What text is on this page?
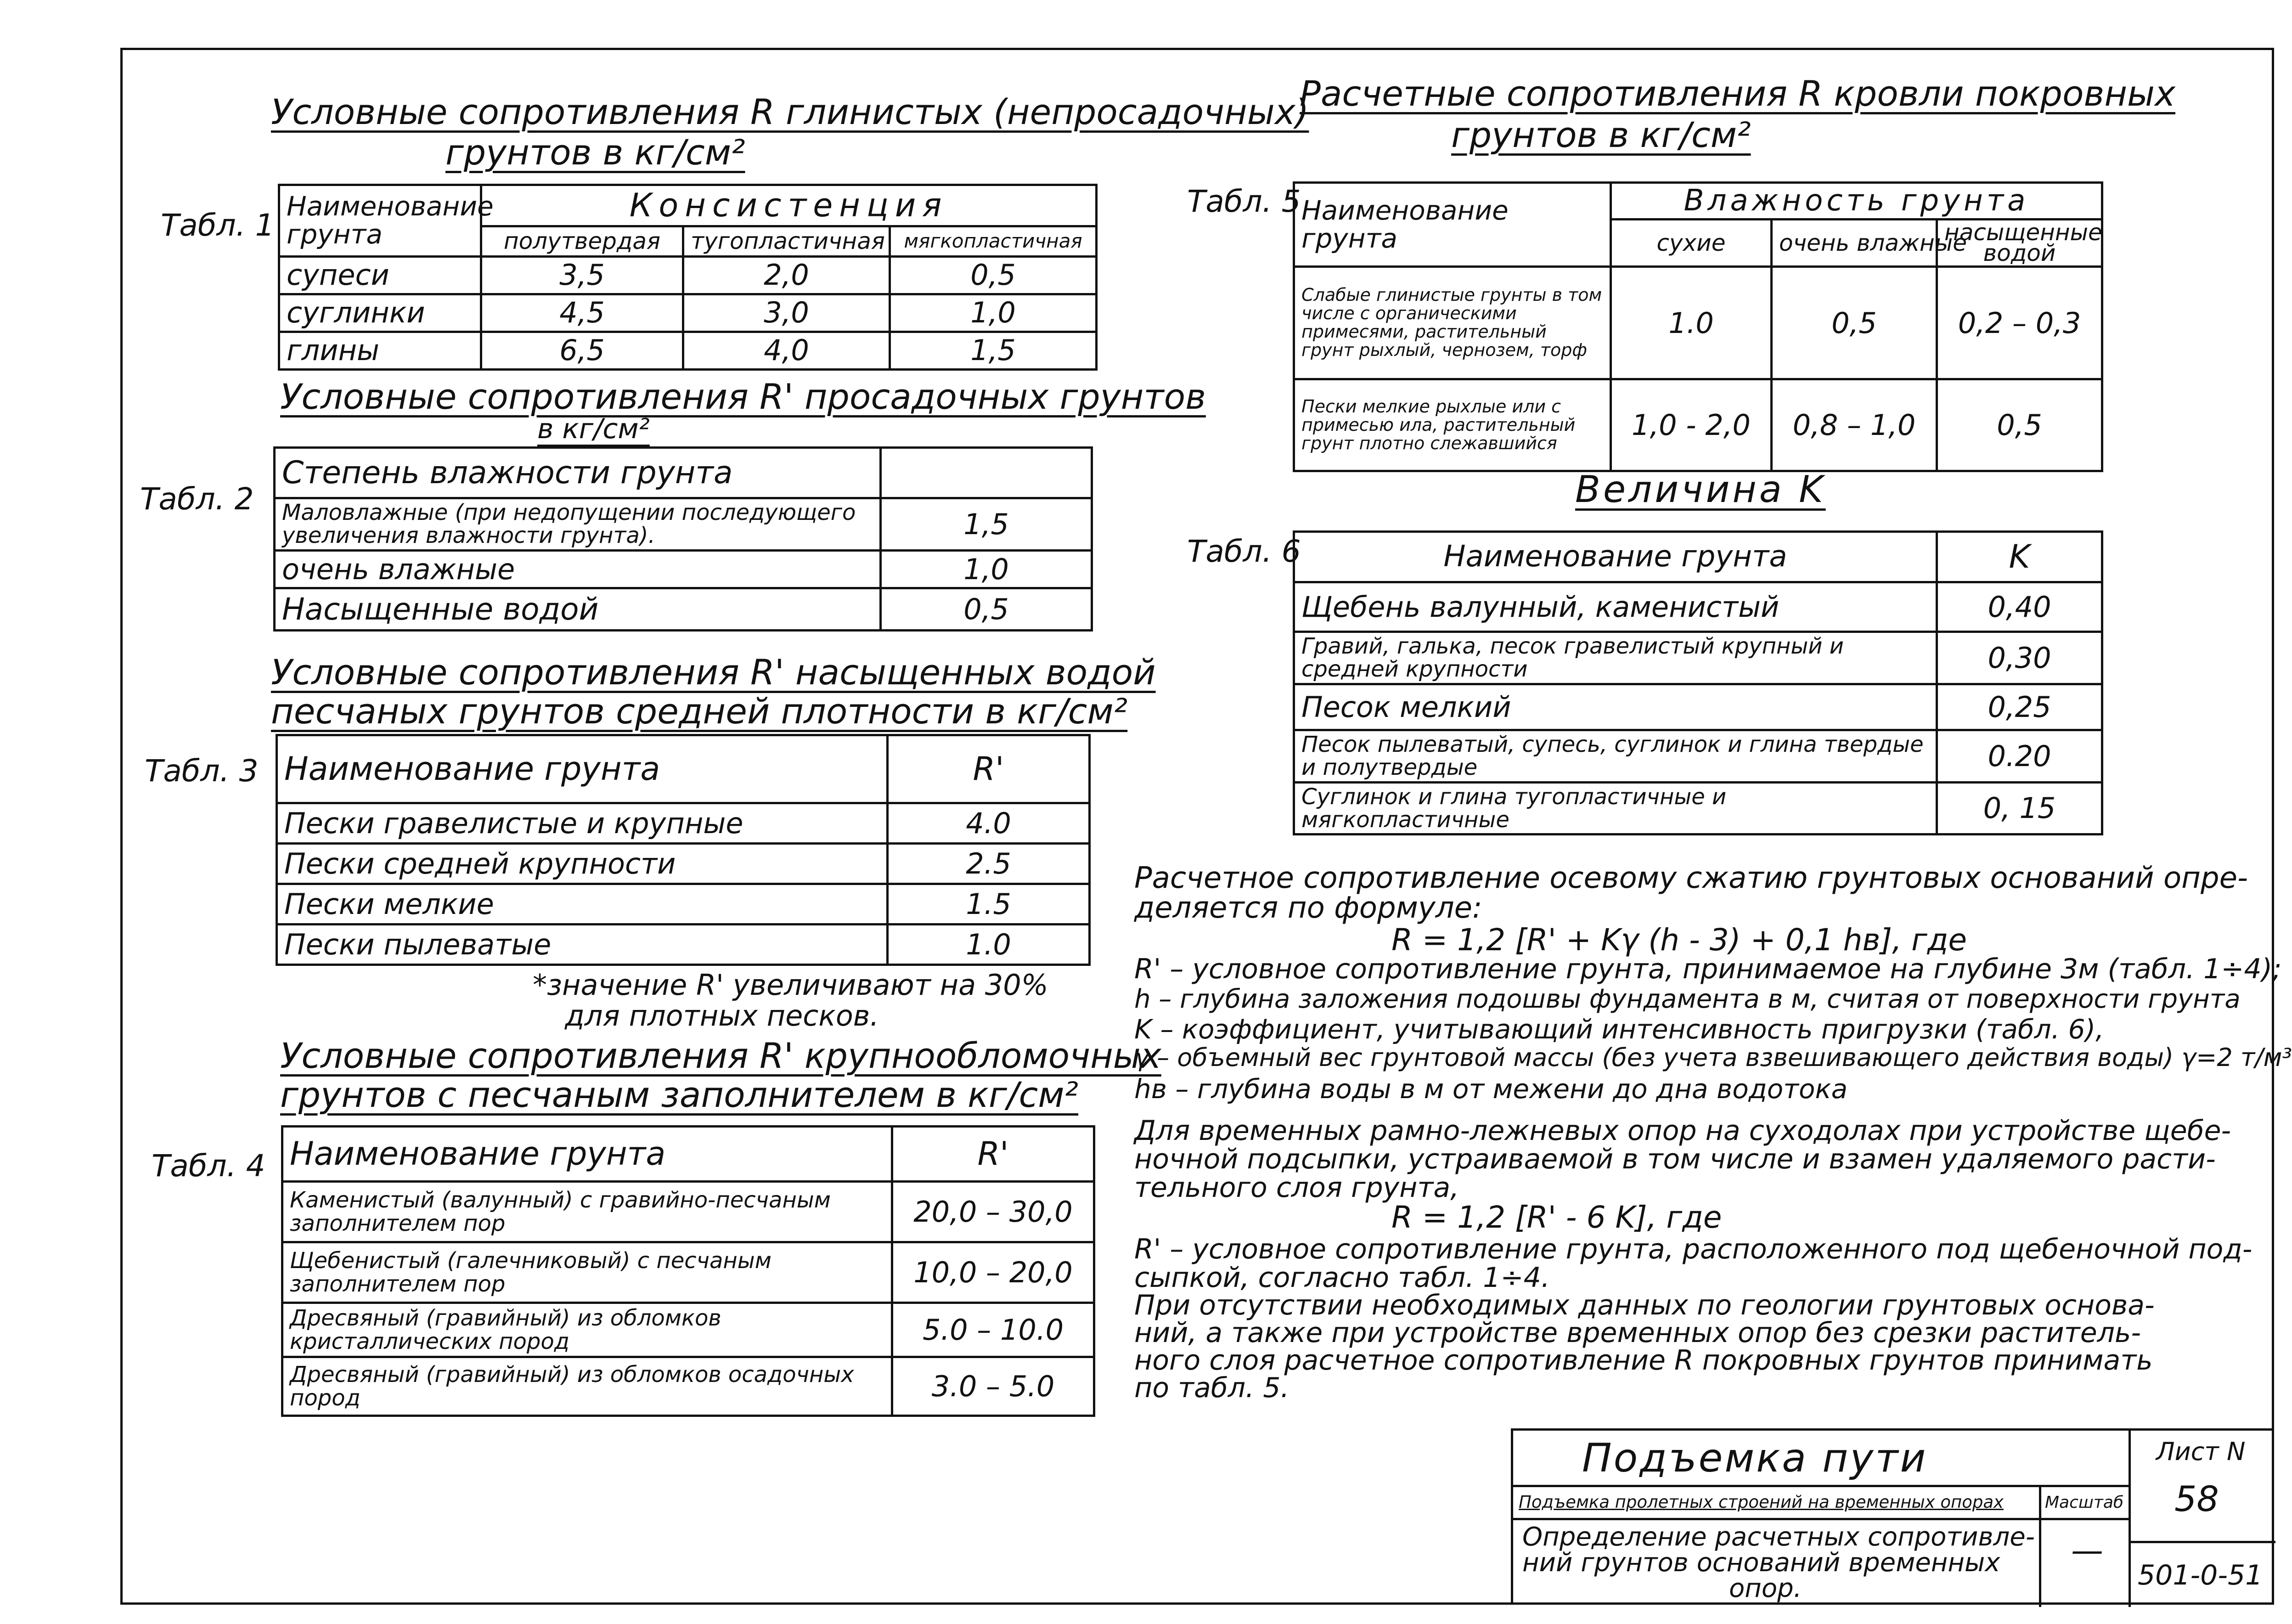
Условные сопротивления R глинистых (непросадочных)
грунтов в кг/см²
Табл. 1
Наименование грунта	Консистенция		
	полутвердая	тугопластичная	мягкопластичная
супеси	3,5	2,0	0,5
суглинки	4,5	3,0	1,0
глины	6,5	4,0	1,5
Условные сопротивления R' просадочных грунтов
в кг/см²
Табл. 2
Степень влажности грунта	
Маловлажные (при недопущении последующего увеличения влажности грунта).	1,5
очень влажные	1,0
Насыщенные водой	0,5
Условные сопротивления R' насыщенных водой
песчаных грунтов средней плотности в кг/см²
Табл. 3 Наименование грунта	R'
Пески гравелистые и крупные	4.0
Пески средней крупности	2.5
Пески мелкие	1.5
Пески пылеватые	1.0
*значение R' увеличивают на 30%
для плотных песков.
Условные сопротивления R' крупнообломочных
грунтов с песчаным заполнителем в кг/см²
Табл. 4 Наименование грунта	R'
Каменистый (валунный) с гравийно-песчаным заполнителем пор	20,0 – 30,0
Щебенистый (галечниковый) с песчаным заполнителем пор	10,0 – 20,0
Дресвяный (гравийный) из обломков кристаллических пород	5.0 – 10.0
Дресвяный (гравийный) из обломков осадочных пород	3.0 – 5.0
Расчетные сопротивления R кровли покровных
грунтов в кг/см²
Табл. 5 Наименование грунта	Влажность грунта		
	сухие	очень влажные	насыщенные водой
Слабые глинистые грунты в том числе с органическими примесями, растительный грунт рыхлый, чернозем, торф	1.0	0,5	0,2 – 0,3
Пески мелкие рыхлые или с примесью ила, растительный грунт плотно слежавшийся	1,0 - 2,0	0,8 – 1,0	0,5
Величина K
Табл. 6	Наименование грунта	K
Щебень валунный, каменистый	0,40
Гравий, галька, песок гравелистый крупный и средней крупности	0,30
Песок мелкий	0,25
Песок пылеватый, супесь, суглинок и глина твердые и полутвердые	0.20
Суглинок и глина тугопластичные и мягкопластичные	0, 15
Расчетное сопротивление осевому сжатию грунтовых оснований опре-
деляется по формуле:
R = 1,2 [R' + Kγ (h - 3) + 0,1 hв], где
R' – условное сопротивление грунта, принимаемое на глубине 3м (табл. 1÷4);
h – глубина заложения подошвы фундамента в м, считая от поверхности грунта
K – коэффициент, учитывающий интенсивность пригрузки (табл. 6),
γ – объемный вес грунтовой массы (без учета взвешивающего действия воды) γ=2 т/м³
hв – глубина воды в м от межени до дна водотока
Для временных рамно-лежневых опор на суходолах при устройстве щебе-
ночной подсыпки, устраиваемой в том числе и взамен удаляемого расти-
тельного слоя грунта,
R = 1,2 [R' - 6 K], где
R' – условное сопротивление грунта, расположенного под щебеночной под-
сыпкой, согласно табл. 1÷4.
При отсутствии необходимых данных по геологии грунтовых основа-
ний, а также при устройстве временных опор без срезки раститель-
ного слоя расчетное сопротивление R покровных грунтов принимать
по табл. 5.
Подъемка пути
Подъемка пролетных строений на временных опорах
Определение расчетных сопротивле-
ний грунтов оснований временных
опор.
Масштаб
—
Лист N
58
501-0-51
